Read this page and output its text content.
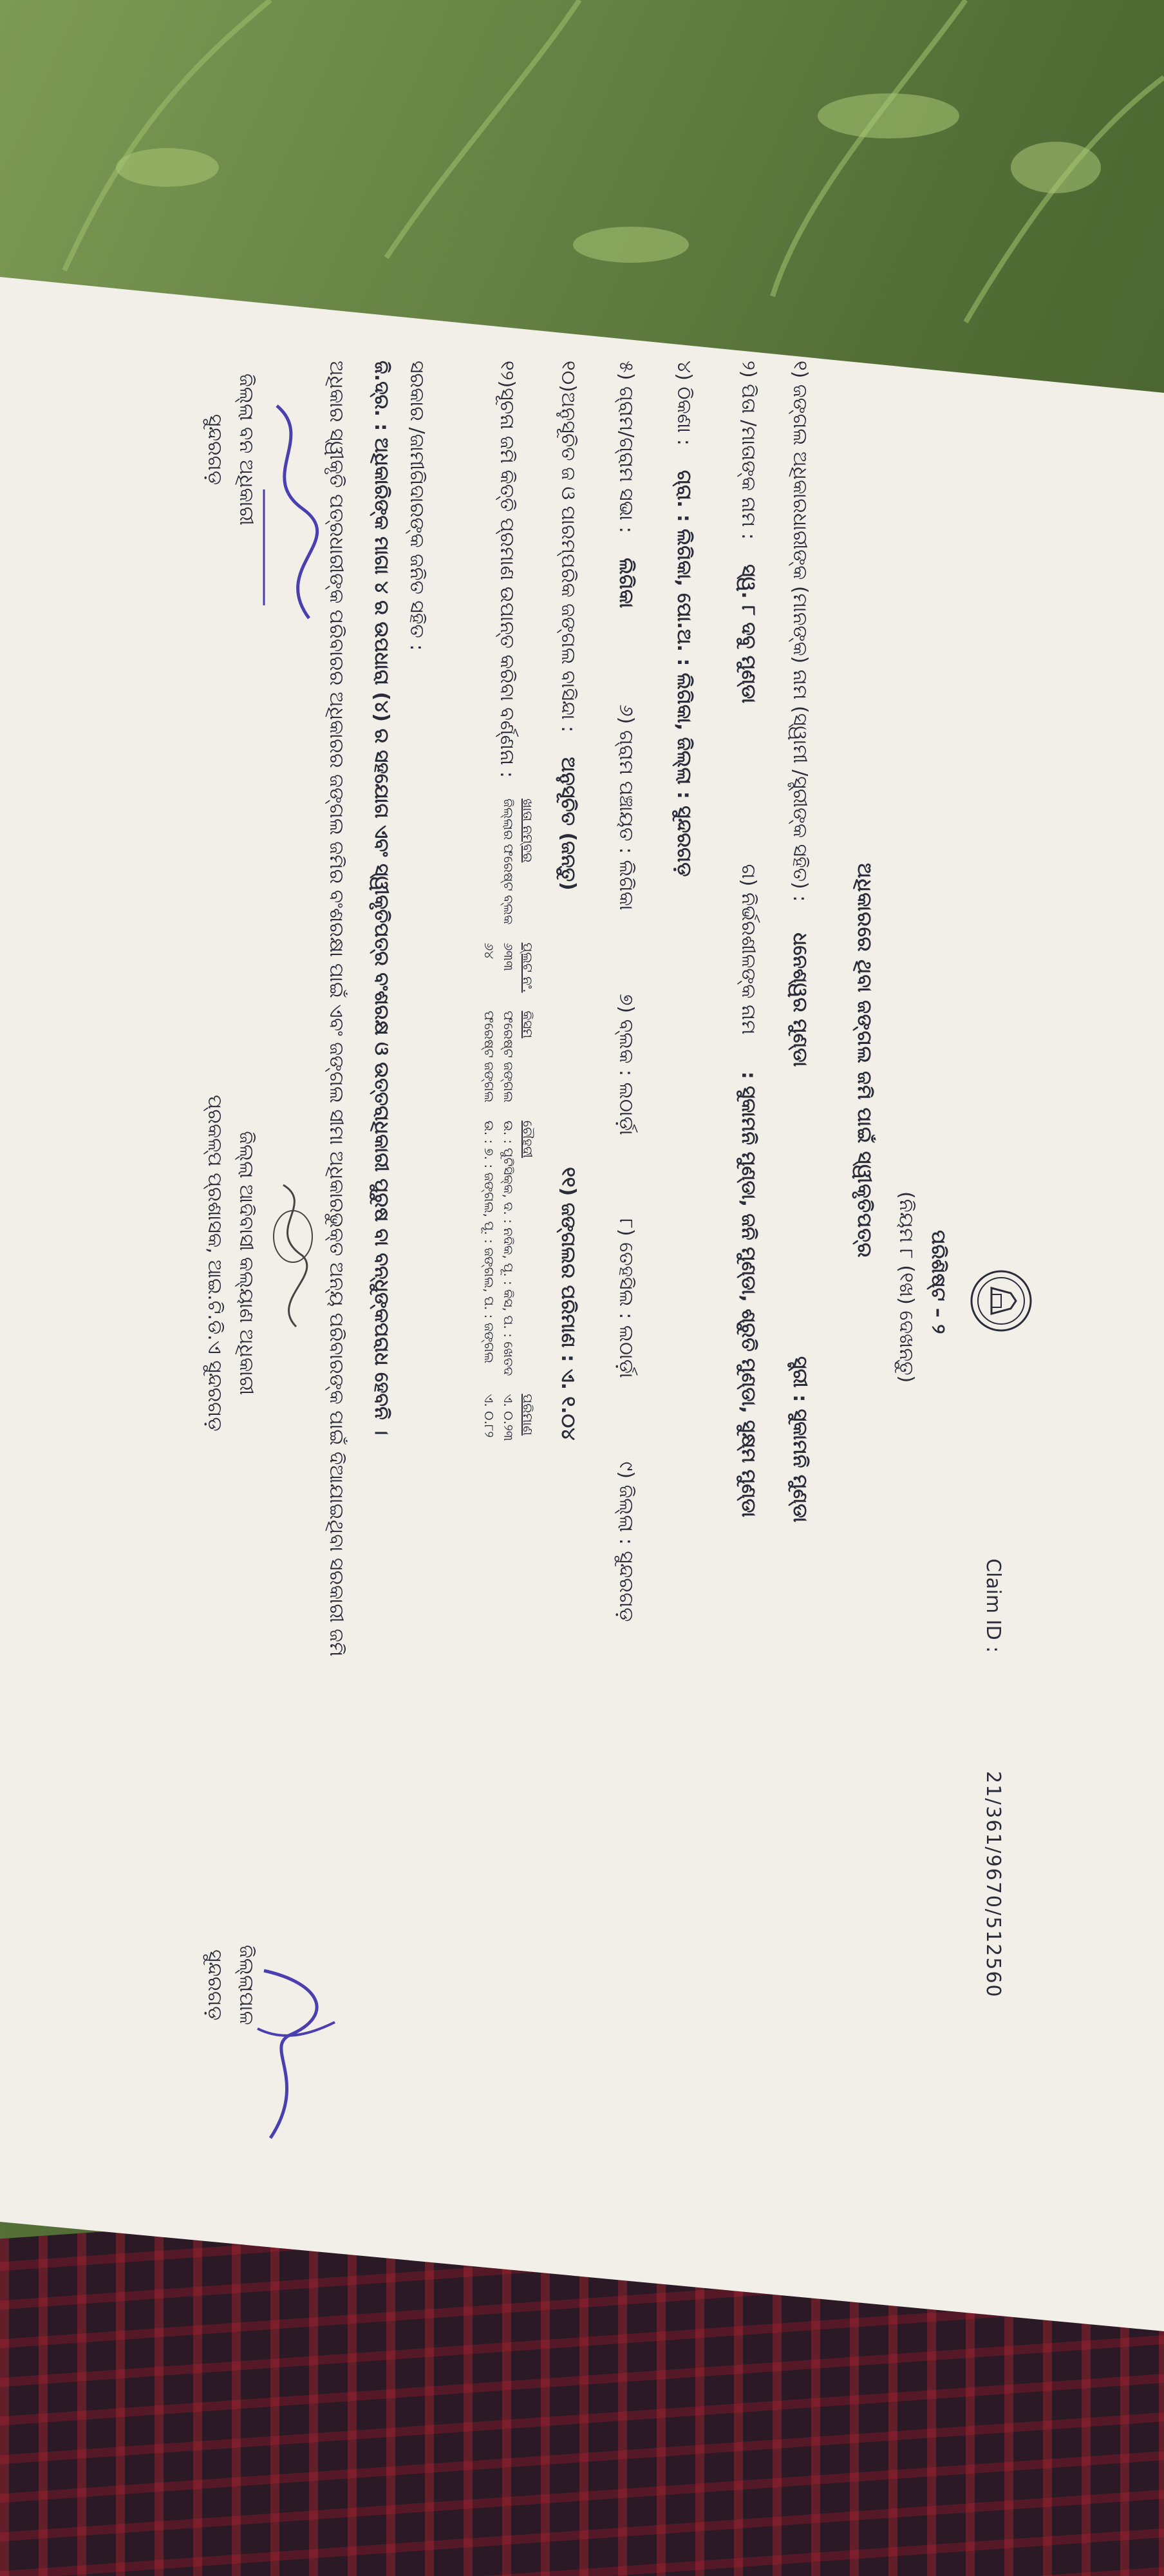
Claim ID :
21/361/9670/512560
ପରିଶିଷ୍ଟ – ୨
(ନିୟମ ୮ (୧ଖ) ଦେଖନ୍ତୁ)
ଅଧିକାରରେ ଥିବା ଜଙ୍ଗଲ ଜମି ପାଇଁ ସ୍ୱୀକୃତିପତ୍ର
୧) ଜଙ୍ଗଲ ଅଧିକାରଧାରୀଙ୍କ (ମାନଙ୍କ) ନାମ (ସ୍ୱାମୀ /ସ୍ତ୍ରୀଙ୍କ ସହିତ) :     ଧନେଶ୍ୱର ମୁଣ୍ଡା ସ୍ତ୍ରୀ : ସୁକାମନି ମୁଣ୍ଡା
୨) ପିତା /ମାତାଙ୍କ ନାମ :    ସ୍ୱ. ୮ ଦବୁ ମୁଣ୍ଡା ଗ) ନିର୍ଭରଶୀଳଙ୍କ ନାମ      : ସୁକାମନି ମୁଣ୍ଡା, ଜନି ମୁଣ୍ଡା, ଶ୍ରୁତି ମୁଣ୍ଡା, ସୁକ୍ଷ୍ମ ମୁଣ୍ଡା
୪) ଠିକଣା :    ଗ୍ରା. : ଲିଗିକା, ପୋ.ଅ. : ଲିଗିକା, ଜିଲ୍ଲା : ସୁନ୍ଦରଗଡ଼
୫) ଗ୍ରାମ/ଗ୍ରାମ ସଭା :    ଲିଗିକା ୬) ଗ୍ରାମ ପଞ୍ଚାୟତ : ଲିଗିକା ୭) ବ୍ଲକ : ଲଠାର୍ଡ଼ା ୮) ତେହସିଲ : ଲଠାର୍ଡ଼ା ୯) ଜିଲ୍ଲା : ସୁନ୍ଦରଗଡ଼
୧୦)ଅନୁସୂଚିତ ଜ ଓ ପାରମ୍ପରିକ ଜଙ୍ଗଲ ବାସିନ୍ଦା :    ଅନୁସୂଚିତ (ଜନ୍ତୁ) ୧୧) ଜଙ୍ଗଲର ପରିମାଣ : ଏ. ୧.୦୪
୧୨)ସୂଚନା ଜମି କିତ୍ତି ପ୍ରମାଣ ଉପାନ୍ତ କରିବା ବର୍ଣ୍ଣନା :
ସରକାର /ଜାମୀଗିଦାରଙ୍କ ଜନିତ ସହିତ :
ଖାତା ନମ୍ବର	ପ୍ଲଟ ନଂ.	କିସମ	ଚୌହଦୀ	ପରିମାଣ
ଜିଲ୍ଲାର ଫରେଷ୍ଟ ବ୍ଲକ	୬୩୩	ଫରେଷ୍ଟ ଜଙ୍ଗଲ	ଉ. : ପୁଟିସିକ୍କ, ଦ. : ନଦିକ, ପୂ. : କିସ, ପ. : ଖେତଦ	ଏ. ୦.୨୩
	୬୪	ଫରେଷ୍ଟ ଜଙ୍ଗଲ	ଉ. : ୭. : ଜଙ୍ଗଲ, ପୂ. : ଜଙ୍ଗଲ, ପ. : ଜଙ୍ଗଲ	ଏ. ୦.୮୨
ଜି.ଦ୍ର. : ଅଧିକାରିଙ୍କ ମାଗା ୪ ର ଉପଧାରା (୪) ର ସହଯୋଗ ଏବଂ ସ୍ୱୀକୃତିପତ୍ର ବଂଶରକ୍ଷ ଓ ଉତ୍ତରାଧିକାରୀ ପୁରୁଷ ବା ବନ୍ଧୁଙ୍କପରାଧ ହେବନି ।
ଅଧିକାର ସ୍ୱୀକୃତି ପତ୍ରଧାରୀଙ୍କ ପରିବାରର ଅଧିକାରର ଜଙ୍ଗଲ ଜମିର ବଂଶରକ୍ଷା ପାଇଁ ଏବଂ ଜଙ୍ଗଲ ସୀମା ଅଧିକାରଭୁକ୍ତ ଅନ୍ୟ ପରିବାରଙ୍କ ପାଇଁ ଦିଆଯାଇଥିବା ସରକାରୀ ଜମି
ଜିଲ୍ଲା ବନ ଅଧିକାରୀ
ସୁନ୍ଦରଗଡ଼
ଜିଲ୍ଲା ଆଦିବାସୀ କଲ୍ୟାଣ ଅଧିକାରୀ
ପ୍ରକଳ୍ପ ପ୍ରଶାସକ, ଆଇ.ଟି.ଡି.ଏ ସୁନ୍ଦରଗଡ଼
ଜିଲ୍ଲାପାଳ
ସୁନ୍ଦରଗଡ଼
